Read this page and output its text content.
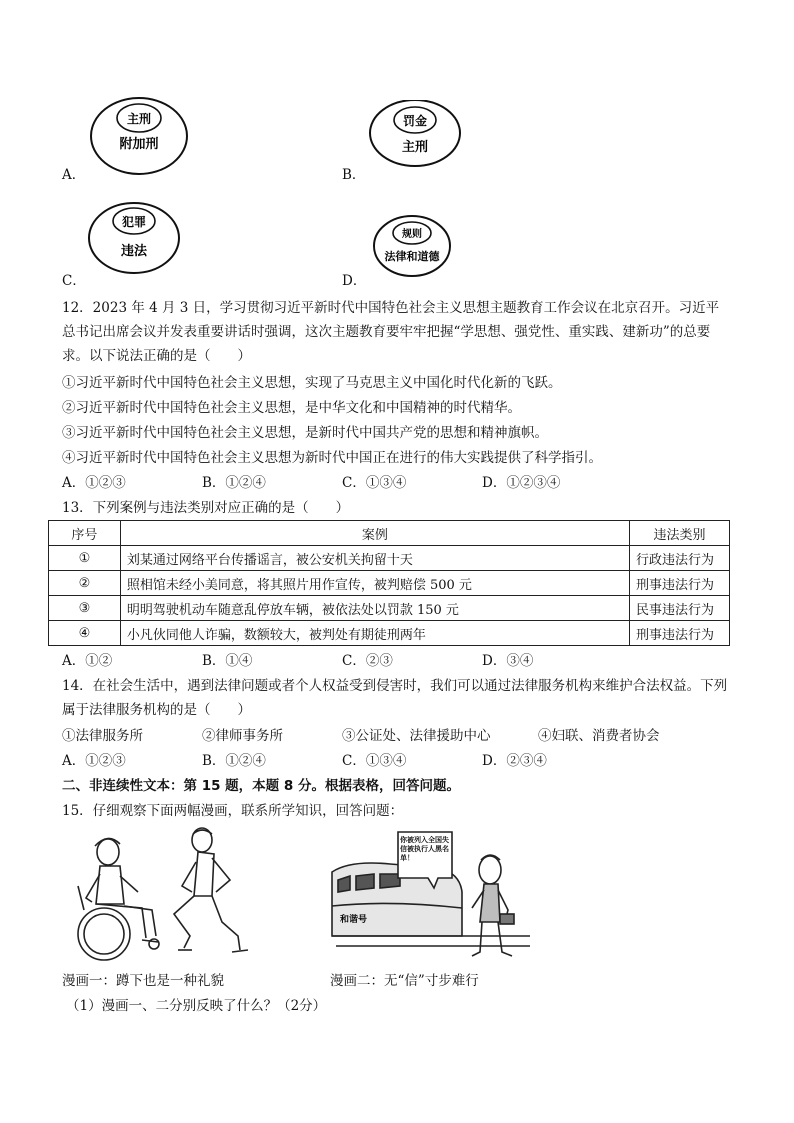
主刑
附加刑
A．
罚金
主刑
B．
犯罪
违法
C．
规则
法律和道德
D．
12．2023 年 4 月 3 日，学习贯彻习近平新时代中国特色社会主义思想主题教育工作会议在北京召开。习近平总书记出席会议并发表重要讲话时强调，这次主题教育要牢牢把握“学思想、强党性、重实践、建新功”的总要求。以下说法正确的是（　　）
①习近平新时代中国特色社会主义思想，实现了马克思主义中国化时代化新的飞跃。
②习近平新时代中国特色社会主义思想，是中华文化和中国精神的时代精华。
③习近平新时代中国特色社会主义思想，是新时代中国共产党的思想和精神旗帜。
④习近平新时代中国特色社会主义思想为新时代中国正在进行的伟大实践提供了科学指引。
A．①②③	B．①②④	C．①③④	D．①②③④
13．下列案例与违法类别对应正确的是（　　）
序号	案例	违法类别
①	刘某通过网络平台传播谣言，被公安机关拘留十天	行政违法行为
②	照相馆未经小美同意，将其照片用作宣传，被判赔偿 500 元	刑事违法行为
③	明明驾驶机动车随意乱停放车辆，被依法处以罚款 150 元	民事违法行为
④	小凡伙同他人诈骗，数额较大，被判处有期徒刑两年	刑事违法行为
A．①②	B．①④	C．②③	D．③④
14．在社会生活中，遇到法律问题或者个人权益受到侵害时，我们可以通过法律服务机构来维护合法权益。下列属于法律服务机构的是（　　）
①法律服务所	②律师事务所	③公证处、法律援助中心	④妇联、消费者协会
A．①②③	B．①②④	C．①③④	D．②③④
二、非连续性文本：第 15 题，本题 8 分。根据表格，回答问题。
15．仔细观察下面两幅漫画，联系所学知识，回答问题：
漫画一：蹲下也是一种礼貌
和谐号
你被列入全国失信被执行人黑名单！
漫画二：无“信”寸步难行
（1）漫画一、二分别反映了什么？（2分）
